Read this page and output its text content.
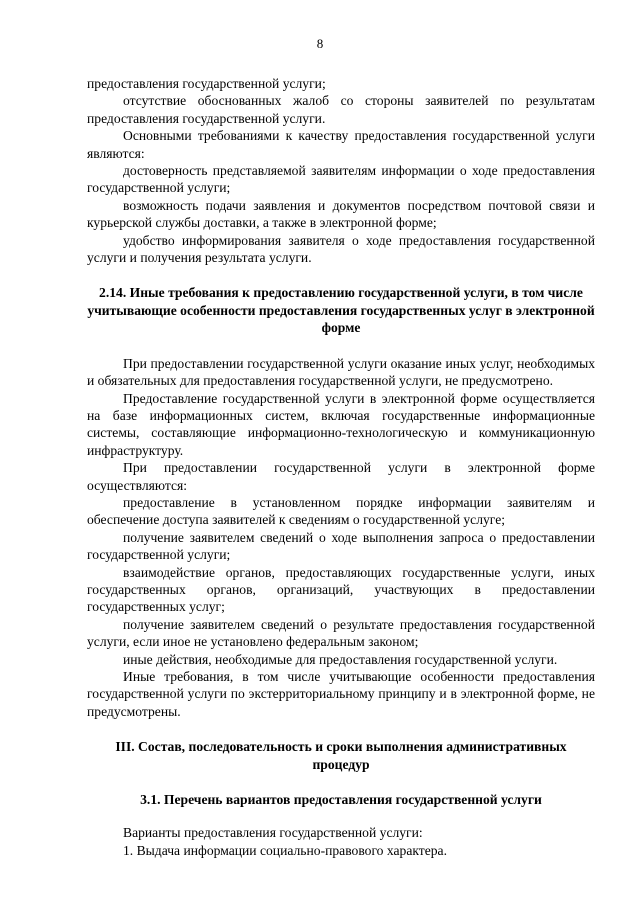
8

предоставления государственной услуги;

отсутствие обоснованных жалоб со стороны заявителей по результатам предоставления государственной услуги.

Основными требованиями к качеству предоставления государственной услуги являются:

достоверность представляемой заявителям информации о ходе предоставления государственной услуги;

возможность подачи заявления и документов посредством почтовой связи и курьерской службы доставки, а также в электронной форме;

удобство информирования заявителя о ходе предоставления государственной услуги и получения результата услуги.

2.14. Иные требования к предоставлению государственной услуги, в том числе учитывающие особенности предоставления государственных услуг в электронной форме

При предоставлении государственной услуги оказание иных услуг, необходимых и обязательных для предоставления государственной услуги, не предусмотрено.

Предоставление государственной услуги в электронной форме осуществляется на базе информационных систем, включая государственные информационные системы, составляющие информационно-технологическую и коммуникационную инфраструктуру.

При предоставлении государственной услуги в электронной форме осуществляются:

предоставление в установленном порядке информации заявителям и обеспечение доступа заявителей к сведениям о государственной услуге;

получение заявителем сведений о ходе выполнения запроса о предоставлении государственной услуги;

взаимодействие органов, предоставляющих государственные услуги, иных государственных органов, организаций, участвующих в предоставлении государственных услуг;

получение заявителем сведений о результате предоставления государственной услуги, если иное не установлено федеральным законом;

иные действия, необходимые для предоставления государственной услуги.

Иные требования, в том числе учитывающие особенности предоставления государственной услуги по экстерриториальному принципу и в электронной форме, не предусмотрены.

III. Состав, последовательность и сроки выполнения административных процедур

3.1. Перечень вариантов предоставления государственной услуги

Варианты предоставления государственной услуги:

1. Выдача информации социально-правового характера.
